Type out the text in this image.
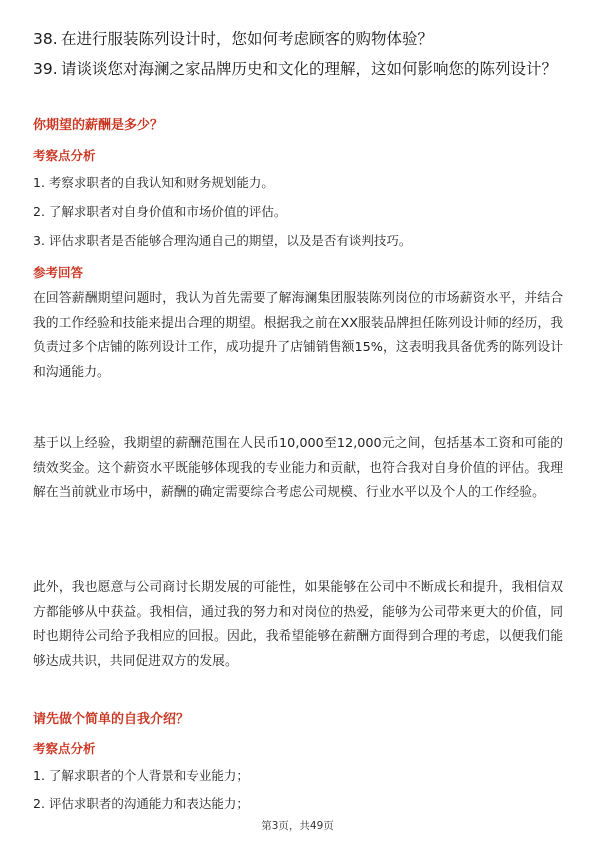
38. 在进行服装陈列设计时，您如何考虑顾客的购物体验？
39. 请谈谈您对海澜之家品牌历史和文化的理解，这如何影响您的陈列设计？
你期望的薪酬是多少？
考察点分析
1. 考察求职者的自我认知和财务规划能力。
2. 了解求职者对自身价值和市场价值的评估。
3. 评估求职者是否能够合理沟通自己的期望，以及是否有谈判技巧。
参考回答
在回答薪酬期望问题时，我认为首先需要了解海澜集团服装陈列岗位的市场薪资水平，并结合我的工作经验和技能来提出合理的期望。根据我之前在XX服装品牌担任陈列设计师的经历，我负责过多个店铺的陈列设计工作，成功提升了店铺销售额15%，这表明我具备优秀的陈列设计和沟通能力。
基于以上经验，我期望的薪酬范围在人民币10,000至12,000元之间，包括基本工资和可能的绩效奖金。这个薪资水平既能够体现我的专业能力和贡献，也符合我对自身价值的评估。我理解在当前就业市场中，薪酬的确定需要综合考虑公司规模、行业水平以及个人的工作经验。
此外，我也愿意与公司商讨长期发展的可能性，如果能够在公司中不断成长和提升，我相信双方都能够从中获益。我相信，通过我的努力和对岗位的热爱，能够为公司带来更大的价值，同时也期待公司给予我相应的回报。因此，我希望能够在薪酬方面得到合理的考虑，以便我们能够达成共识，共同促进双方的发展。
请先做个简单的自我介绍？
考察点分析
1. 了解求职者的个人背景和专业能力；
2. 评估求职者的沟通能力和表达能力；
第3页，共49页
